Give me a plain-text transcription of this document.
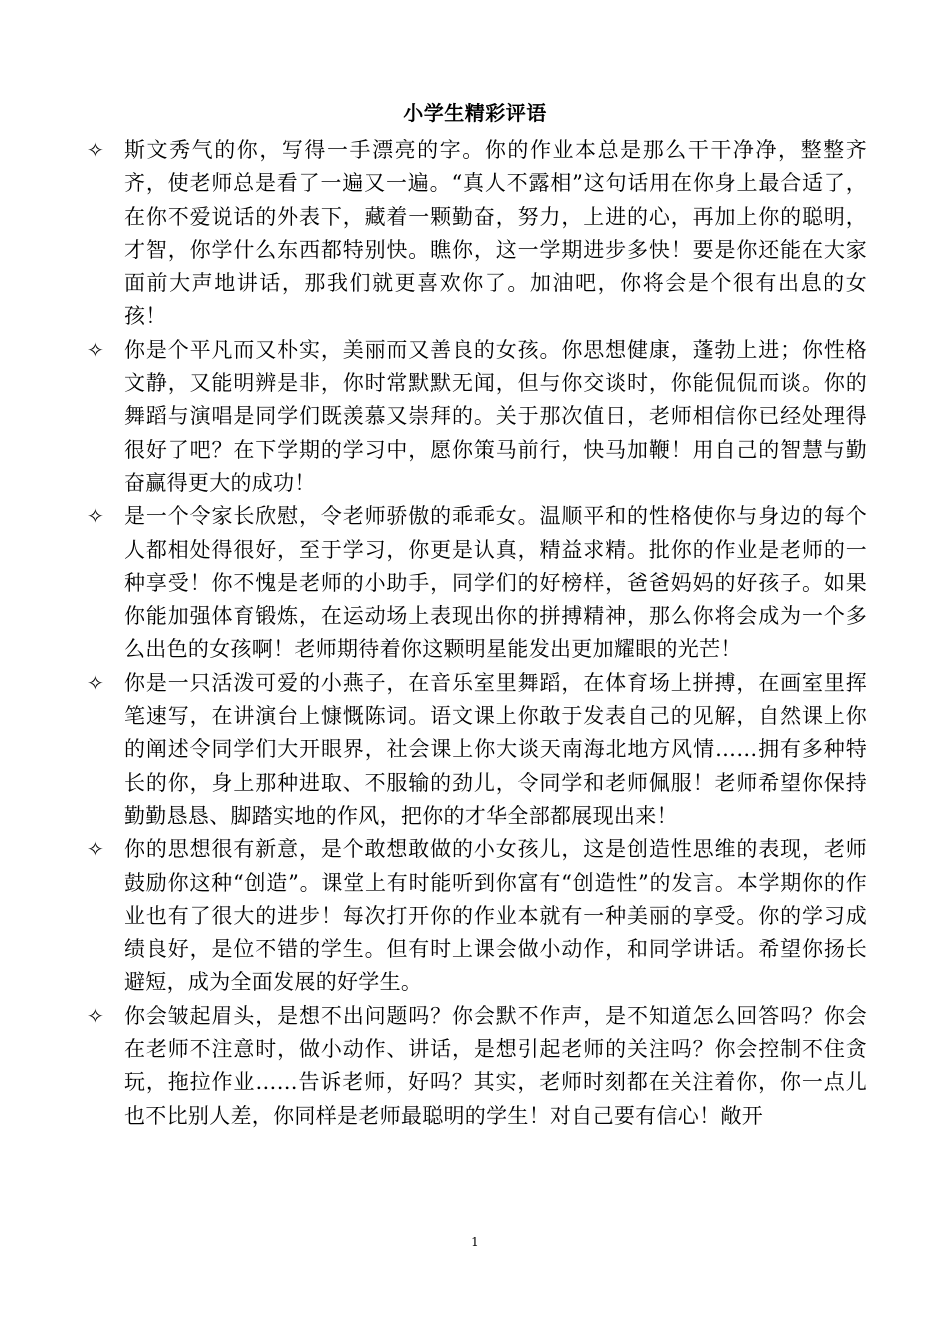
小学生精彩评语
✧ 斯文秀气的你，写得一手漂亮的字。你的作业本总是那么干干净净，整整齐齐，使老师总是看了一遍又一遍。“真人不露相”这句话用在你身上最合适了，在你不爱说话的外表下，藏着一颗勤奋，努力，上进的心，再加上你的聪明，才智，你学什么东西都特别快。瞧你，这一学期进步多快！要是你还能在大家面前大声地讲话，那我们就更喜欢你了。加油吧，你将会是个很有出息的女孩！
✧ 你是个平凡而又朴实，美丽而又善良的女孩。你思想健康，蓬勃上进；你性格文静，又能明辨是非，你时常默默无闻，但与你交谈时，你能侃侃而谈。你的舞蹈与演唱是同学们既羡慕又崇拜的。关于那次值日，老师相信你已经处理得很好了吧？在下学期的学习中，愿你策马前行，快马加鞭！用自己的智慧与勤奋赢得更大的成功！
✧ 是一个令家长欣慰，令老师骄傲的乖乖女。温顺平和的性格使你与身边的每个人都相处得很好，至于学习，你更是认真，精益求精。批你的作业是老师的一种享受！你不愧是老师的小助手，同学们的好榜样，爸爸妈妈的好孩子。如果你能加强体育锻炼，在运动场上表现出你的拼搏精神，那么你将会成为一个多么出色的女孩啊！老师期待着你这颗明星能发出更加耀眼的光芒！
✧ 你是一只活泼可爱的小燕子，在音乐室里舞蹈，在体育场上拼搏，在画室里挥笔速写，在讲演台上慷慨陈词。语文课上你敢于发表自己的见解，自然课上你的阐述令同学们大开眼界，社会课上你大谈天南海北地方风情……拥有多种特长的你，身上那种进取、不服输的劲儿，令同学和老师佩服！老师希望你保持勤勤恳恳、脚踏实地的作风，把你的才华全部都展现出来！
✧ 你的思想很有新意，是个敢想敢做的小女孩儿，这是创造性思维的表现，老师鼓励你这种“创造”。课堂上有时能听到你富有“创造性”的发言。本学期你的作业也有了很大的进步！每次打开你的作业本就有一种美丽的享受。你的学习成绩良好，是位不错的学生。但有时上课会做小动作，和同学讲话。希望你扬长避短，成为全面发展的好学生。
✧ 你会皱起眉头，是想不出问题吗？你会默不作声，是不知道怎么回答吗？你会在老师不注意时，做小动作、讲话，是想引起老师的关注吗？你会控制不住贪玩，拖拉作业……告诉老师，好吗？其实，老师时刻都在关注着你，你一点儿也不比别人差，你同样是老师最聪明的学生！对自己要有信心！敞开
1
